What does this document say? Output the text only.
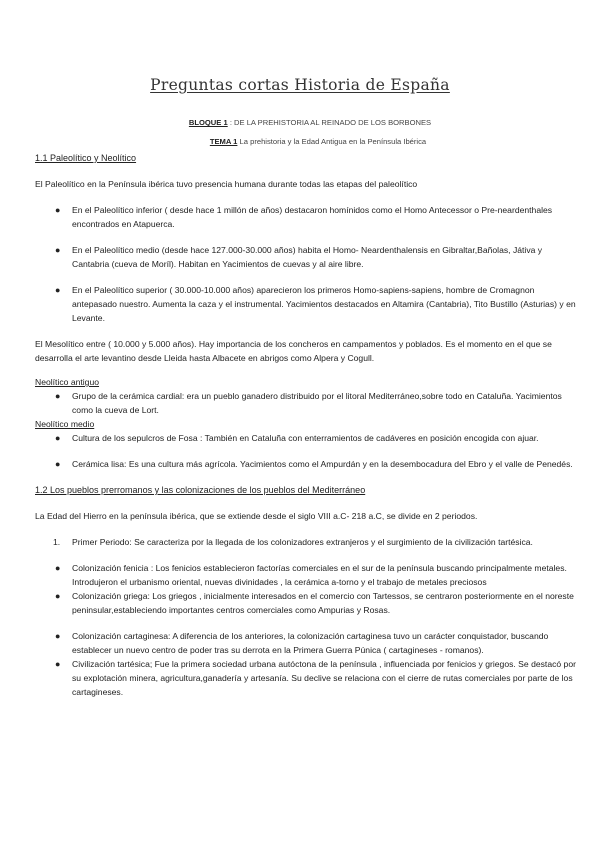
Preguntas cortas Historia de España
BLOQUE 1 : DE LA PREHISTORIA AL REINADO DE LOS BORBONES
TEMA 1 La prehistoria y la Edad Antigua en la Península Ibérica

1.1 Paleolítico y Neolítico

El Paleolítico en la Península ibérica tuvo presencia humana durante todas las etapas del paleolítico

● En el Paleolítico inferior ( desde hace 1 millón de años) destacaron homínidos como el Homo Antecessor o Pre-neardenthales encontrados en Atapuerca.
● En el Paleolítico medio (desde hace 127.000-30.000 años) habita el Homo- Neardenthalensis en Gibraltar,Bañolas, Játiva y Cantabria (cueva de Moríl). Habitan en Yacimientos de cuevas y al aire libre.
● En el Paleolítico superior ( 30.000-10.000 años) aparecieron los primeros Homo-sapiens-sapiens, hombre de Cromagnon antepasado nuestro. Aumenta la caza y el instrumental. Yacimientos destacados en Altamira (Cantabria), Tito Bustillo (Asturias) y en Levante.

El Mesolítico entre ( 10.000 y 5.000 años). Hay importancia de los concheros en campamentos y poblados. Es el momento en el que se desarrolla el arte levantino desde Lleida hasta Albacete en abrigos como Alpera y Cogull.

Neolítico antiguo

● Grupo de la cerámica cardial: era un pueblo ganadero distribuido por el litoral Mediterráneo,sobre todo en Cataluña. Yacimientos como la cueva de Lort.

Neolítico medio

● Cultura de los sepulcros de Fosa : También en Cataluña con enterramientos de cadáveres en posición encogida con ajuar.
● Cerámica lisa: Es una cultura más agrícola. Yacimientos como el Ampurdán y en la desembocadura del Ebro y el valle de Penedés.

1.2 Los pueblos prerromanos y las colonizaciones de los pueblos del Mediterráneo

La Edad del Hierro en la península ibérica, que se extiende desde el siglo VIII a.C- 218 a.C, se divide en 2 periodos.

1. Primer Periodo: Se caracteriza por la llegada de los colonizadores extranjeros y el surgimiento de la civilización tartésica.
● Colonización fenicia : Los fenicios establecieron factorías comerciales en el sur de la península buscando principalmente metales. Introdujeron el urbanismo oriental, nuevas divinidades , la cerámica a-torno y el trabajo de metales preciosos
● Colonización griega: Los griegos , inicialmente interesados en el comercio con Tartessos, se centraron posteriormente en el noreste peninsular,estableciendo importantes centros comerciales como Ampurias y Rosas.
● Colonización cartaginesa: A diferencia de los anteriores, la colonización cartaginesa tuvo un carácter conquistador, buscando establecer un nuevo centro de poder tras su derrota en la Primera Guerra Púnica ( cartagineses - romanos).
● Civilización tartésica; Fue la primera sociedad urbana autóctona de la península , influenciada por fenicios y griegos. Se destacó por su explotación minera, agricultura,ganadería y artesanía. Su declive se relaciona con el cierre de rutas comerciales por parte de los cartagineses.
